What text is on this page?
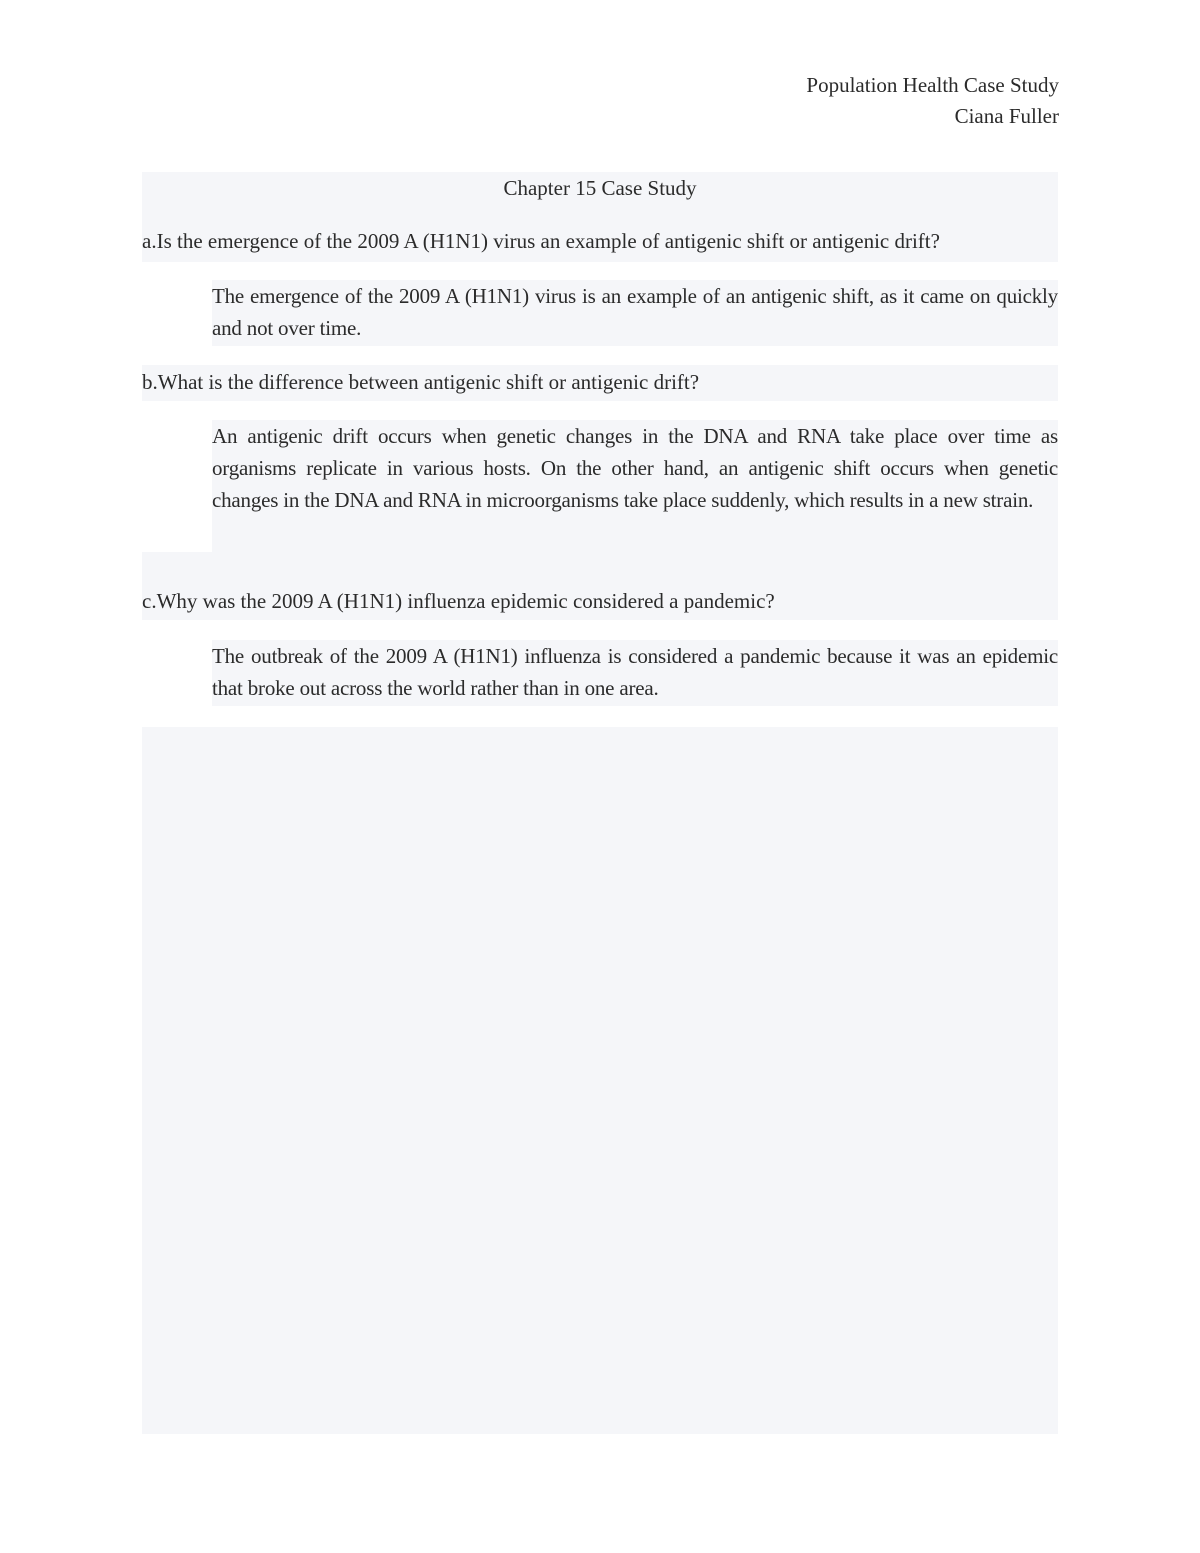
Population Health Case Study
Ciana Fuller
Chapter 15 Case Study
a.Is the emergence of the 2009 A (H1N1) virus an example of antigenic shift or antigenic drift?
The emergence of the 2009 A (H1N1) virus is an example of an antigenic shift, as it came on quickly and not over time.
b.What is the difference between antigenic shift or antigenic drift?
An antigenic drift occurs when genetic changes in the DNA and RNA take place over time as organisms replicate in various hosts. On the other hand, an antigenic shift occurs when genetic changes in the DNA and RNA in microorganisms take place suddenly, which results in a new strain.
c.Why was the 2009 A (H1N1) influenza epidemic considered a pandemic?
The outbreak of the 2009 A (H1N1) influenza is considered a pandemic because it was an epidemic that broke out across the world rather than in one area.
